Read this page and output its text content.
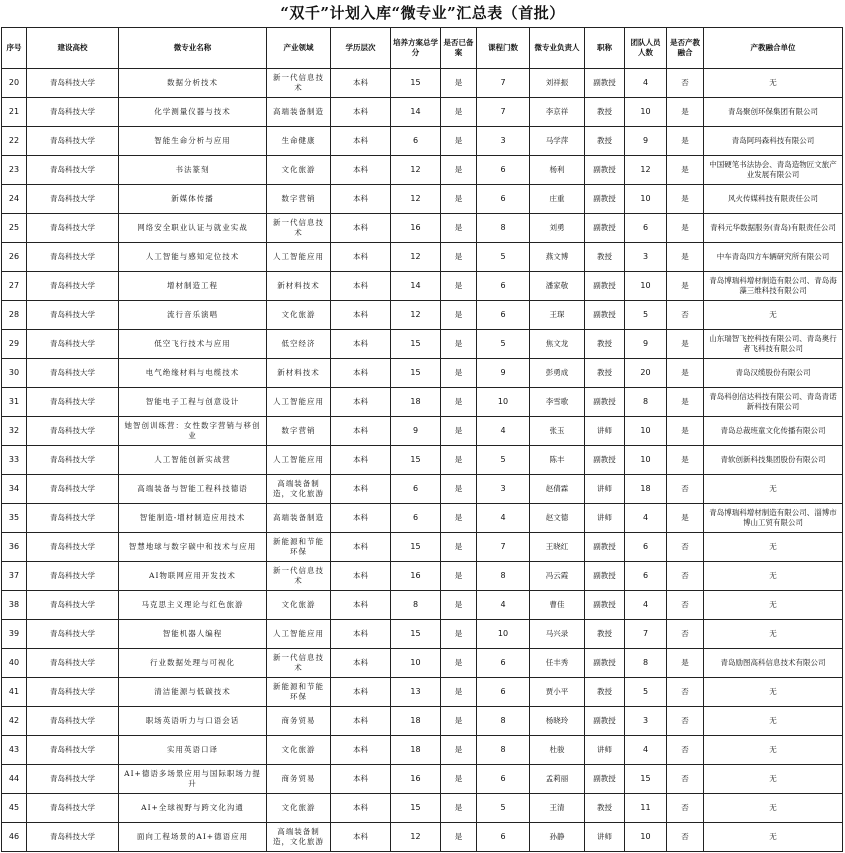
“双千”计划入库“微专业”汇总表（首批）
序号	建设高校	微专业名称	产业领域	学历层次	培养方案总学分	是否已备案	课程门数	微专业负责人	职称	团队人员人数	是否产教融合	产教融合单位
20	青岛科技大学	数据分析技术	新一代信息技术	本科	15	是	7	刘祥振	副教授	4	否	无
21	青岛科技大学	化学测量仪器与技术	高端装备制造	本科	14	是	7	李京祥	教授	10	是	青岛聚创环保集团有限公司
22	青岛科技大学	智能生命分析与应用	生命健康	本科	6	是	3	马学萍	教授	9	是	青岛阿玛森科技有限公司
23	青岛科技大学	书法篆刻	文化旅游	本科	12	是	6	杨利	副教授	12	是	中国硬笔书法协会、青岛造物匠文旅产业发展有限公司
24	青岛科技大学	新媒体传播	数字营销	本科	12	是	6	庄重	副教授	10	是	风火传媒科技有限责任公司
25	青岛科技大学	网络安全职业认证与就业实战	新一代信息技术	本科	16	是	8	刘勇	副教授	6	是	青科元华数据服务(青岛)有限责任公司
26	青岛科技大学	人工智能与感知定位技术	人工智能应用	本科	12	是	5	燕文博	教授	3	是	中车青岛四方车辆研究所有限公司
27	青岛科技大学	增材制造工程	新材料技术	本科	14	是	6	潘家敬	副教授	10	是	青岛博瑞科增材制造有限公司、青岛海藻三维科技有限公司
28	青岛科技大学	流行音乐演唱	文化旅游	本科	12	是	6	王琛	副教授	5	否	无
29	青岛科技大学	低空飞行技术与应用	低空经济	本科	15	是	5	焦文龙	教授	9	是	山东瑞智飞控科技有限公司、青岛奥行者飞科技有限公司
30	青岛科技大学	电气绝缘材料与电缆技术	新材料技术	本科	15	是	9	彭勇成	教授	20	是	青岛汉缆股份有限公司
31	青岛科技大学	智能电子工程与创意设计	人工智能应用	本科	18	是	10	李雪歌	副教授	8	是	青岛科创信达科技有限公司、青岛青诺新科技有限公司
32	青岛科技大学	她智创训练营：女性数字营销与移创业	数字营销	本科	9	是	4	张玉	讲师	10	是	青岛总裁班童文化传播有限公司
33	青岛科技大学	人工智能创新实战营	人工智能应用	本科	15	是	5	陈丰	副教授	10	是	青软创新科技集团股份有限公司
34	青岛科技大学	高端装备与智能工程科技德语	高端装备制造，文化旅游	本科	6	是	3	赵倩霖	讲师	18	否	无
35	青岛科技大学	智能制造-增材制造应用技术	高端装备制造	本科	6	是	4	赵文德	讲师	4	是	青岛博瑞科增材制造有限公司、淄博市博山工贸有限公司
36	青岛科技大学	智慧地球与数字碳中和技术与应用	新能源和节能环保	本科	15	是	7	王晓红	副教授	6	否	无
37	青岛科技大学	AI物联网应用开发技术	新一代信息技术	本科	16	是	8	冯云霞	副教授	6	否	无
38	青岛科技大学	马克思主义理论与红色旅游	文化旅游	本科	8	是	4	曹佳	副教授	4	否	无
39	青岛科技大学	智能机器人编程	人工智能应用	本科	15	是	10	马兴录	教授	7	否	无
40	青岛科技大学	行业数据处理与可视化	新一代信息技术	本科	10	是	6	任丰秀	副教授	8	是	青岛励图高科信息技术有限公司
41	青岛科技大学	清洁能源与低碳技术	新能源和节能环保	本科	13	是	6	贾小平	教授	5	否	无
42	青岛科技大学	职场英语听力与口语会话	商务贸易	本科	18	是	8	杨晓玲	副教授	3	否	无
43	青岛科技大学	实用英语口译	文化旅游	本科	18	是	8	杜骏	讲师	4	否	无
44	青岛科技大学	AI+德语多场景应用与国际职场力提升	商务贸易	本科	16	是	6	孟莉丽	副教授	15	否	无
45	青岛科技大学	AI+全球视野与跨文化沟通	文化旅游	本科	15	是	5	王清	教授	11	否	无
46	青岛科技大学	面向工程场景的AI+德语应用	高端装备制造，文化旅游	本科	12	是	6	孙静	讲师	10	否	无
